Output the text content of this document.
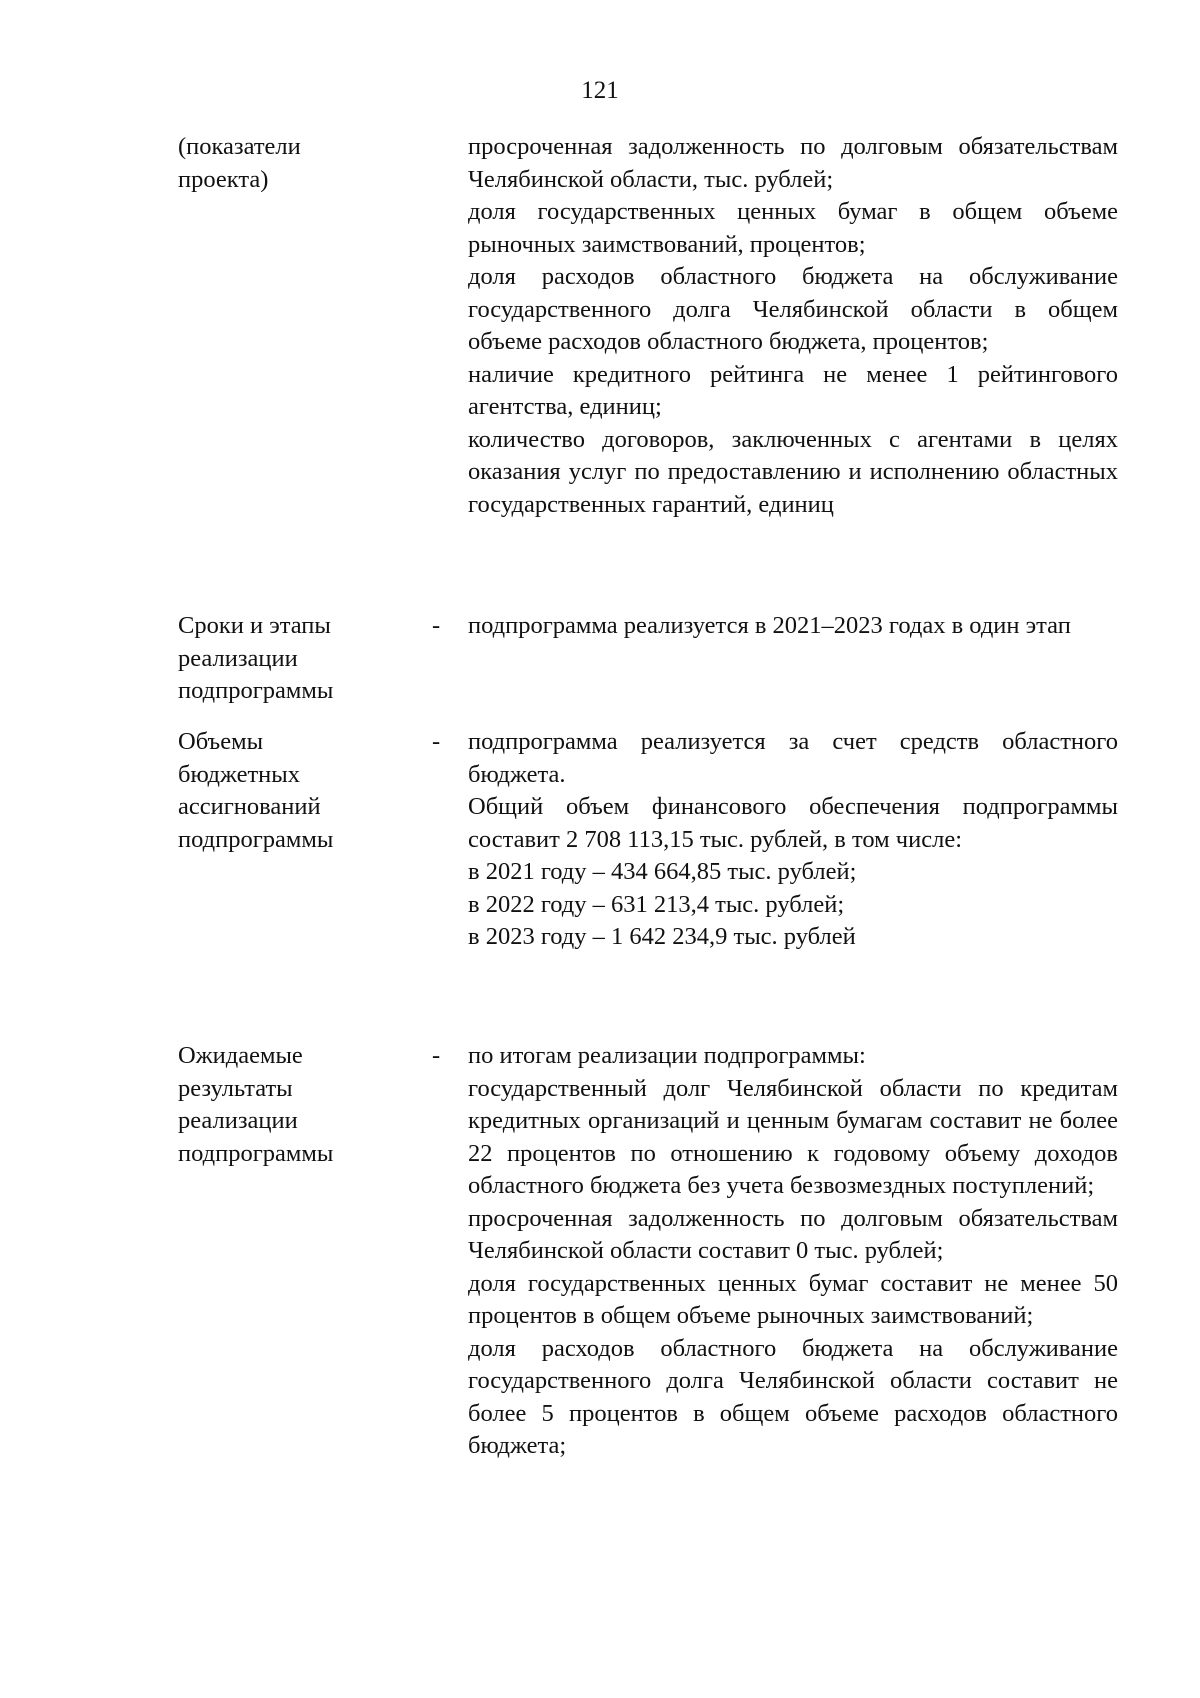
121
(показатели
проекта)

просроченная задолженность по долговым обязательствам Челябинской области, тыс. рублей;

доля государственных ценных бумаг в общем объеме рыночных заимствований, процентов;

доля расходов областного бюджета на обслуживание государственного долга Челябинской области в общем объеме расходов областного бюджета, процентов;

наличие кредитного рейтинга не менее 1 рейтингового агентства, единиц;

количество договоров, заключенных с агентами в целях оказания услуг по предоставлению и исполнению областных государственных гарантий, единиц

Сроки и этапы
реализации
подпрограммы
-	подпрограмма реализуется в 2021–2023 годах в один этап

Объемы
бюджетных
ассигнований
подпрограммы
-	подпрограмма реализуется за счет средств областного бюджета.

Общий объем финансового обеспечения подпрограммы составит 2 708 113,15 тыс. рублей, в том числе:

в 2021 году – 434 664,85 тыс. рублей;

в 2022 году – 631 213,4 тыс. рублей;

в 2023 году – 1 642 234,9 тыс. рублей

Ожидаемые
результаты
реализации
подпрограммы
-	по итогам реализации подпрограммы:

государственный долг Челябинской области по кредитам кредитных организаций и ценным бумагам составит не более 22 процентов по отношению к годовому объему доходов областного бюджета без учета безвозмездных поступлений;

просроченная задолженность по долговым обязательствам Челябинской области составит 0 тыс. рублей;

доля государственных ценных бумаг составит не менее 50 процентов в общем объеме рыночных заимствований;

доля расходов областного бюджета на обслуживание государственного долга Челябинской области составит не более 5 процентов в общем объеме расходов областного бюджета;
